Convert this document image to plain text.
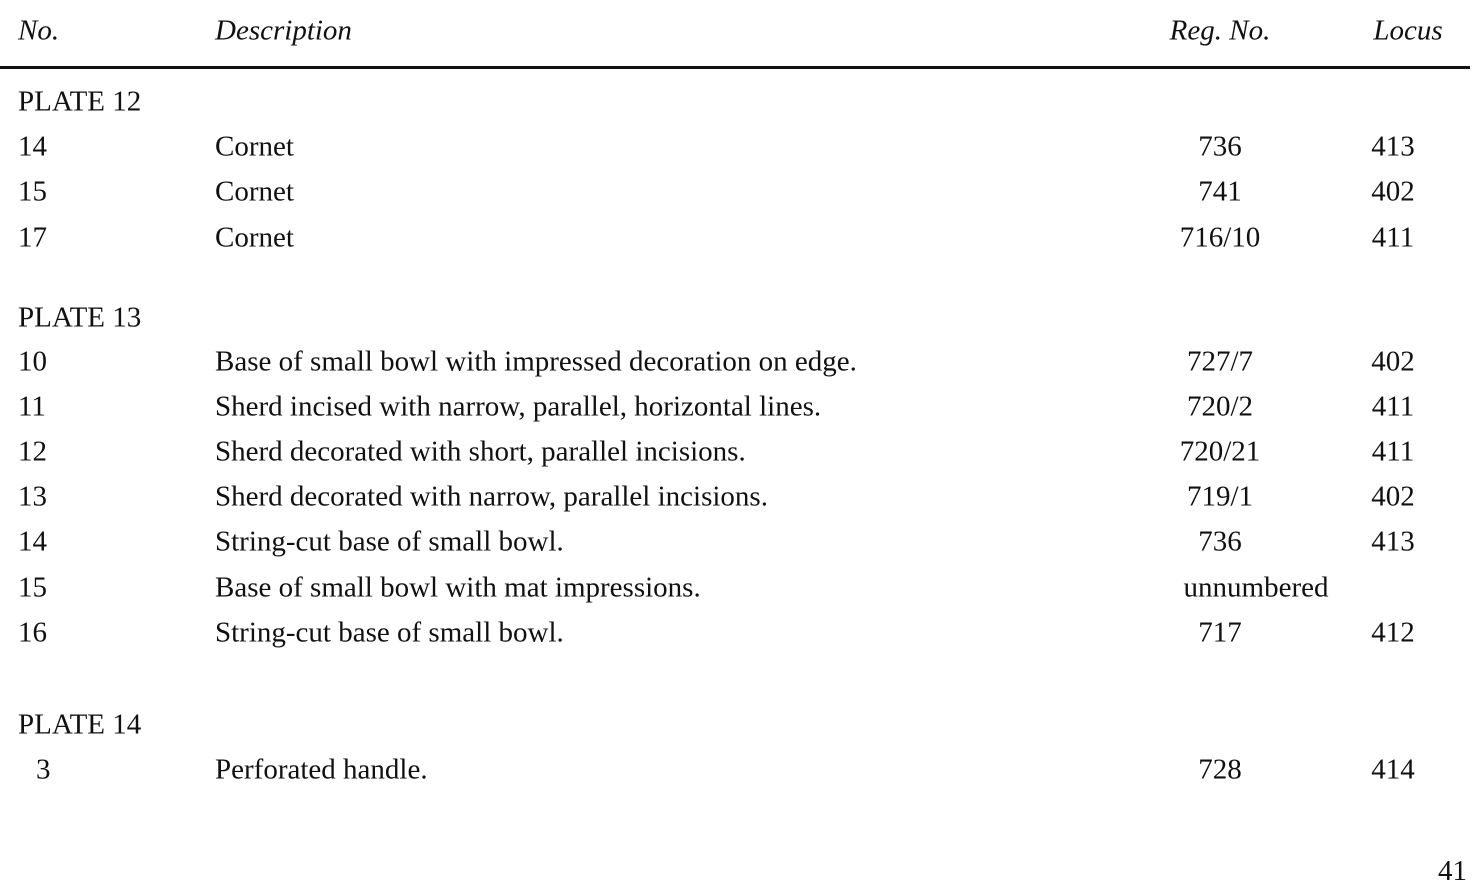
No.	Description	Reg. No.	Locus
PLATE 12
14	Cornet	736	413
15	Cornet	741	402
17	Cornet	716/10	411
PLATE 13
10	Base of small bowl with impressed decoration on edge.	727/7	402
11	Sherd incised with narrow, parallel, horizontal lines.	720/2	411
12	Sherd decorated with short, parallel incisions.	720/21	411
13	Sherd decorated with narrow, parallel incisions.	719/1	402
14	String-cut base of small bowl.	736	413
15	Base of small bowl with mat impressions.	unnumbered
16	String-cut base of small bowl.	717	412
PLATE 14
3	Perforated handle.	728	414
41
